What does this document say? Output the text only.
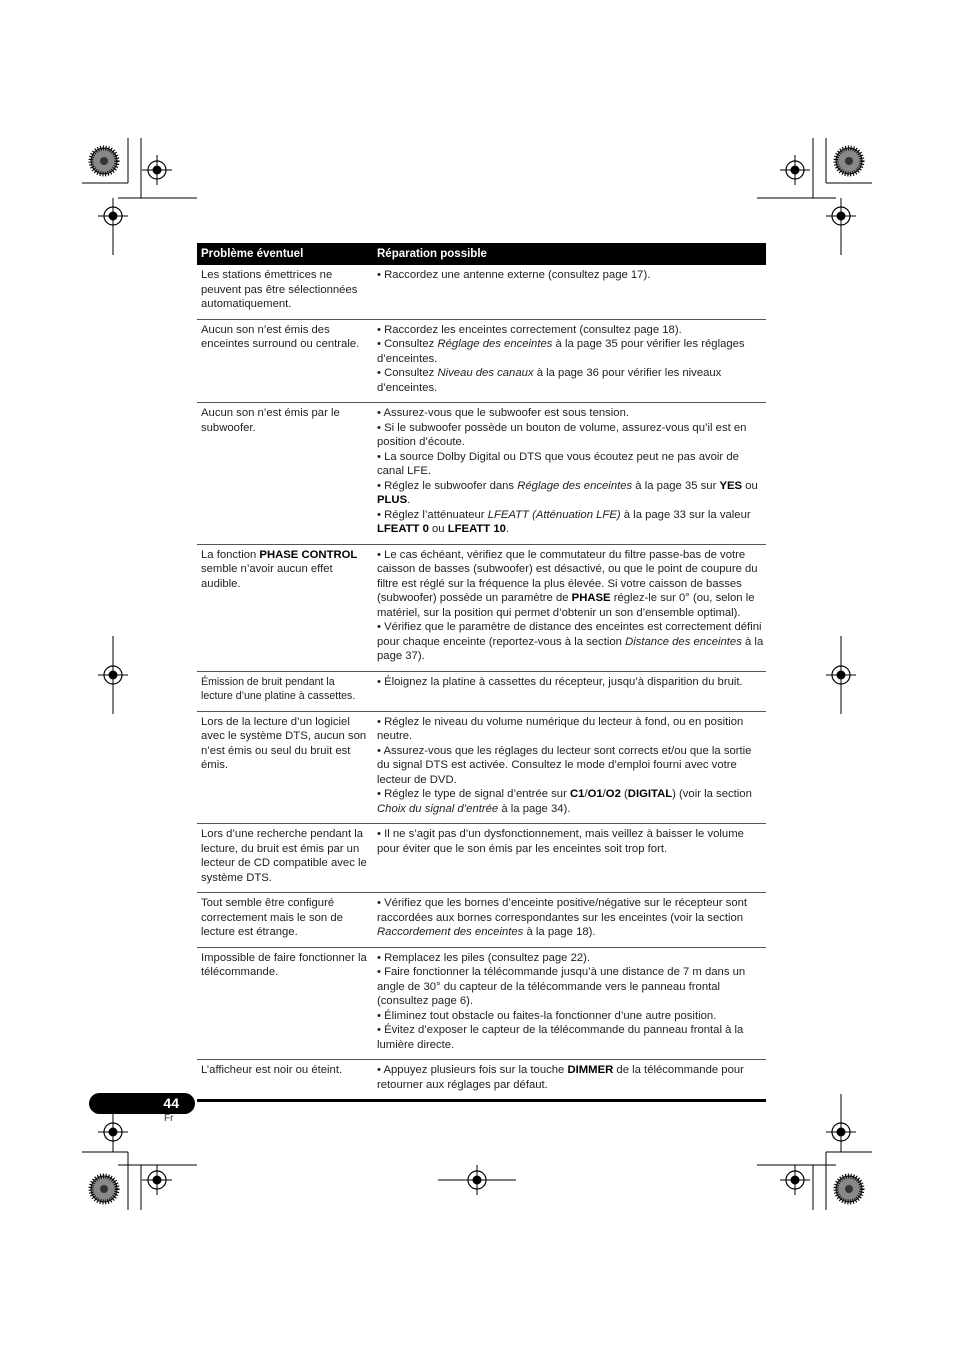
Problème éventuel	Réparation possible
Les stations émettrices ne peuvent pas être sélectionnées automatiquement.

• Raccordez une antenne externe (consultez page 17).

Aucun son n’est émis des enceintes surround ou centrale.

• Raccordez les enceintes correctement (consultez page 18).

• Consultez Réglage des enceintes à la page 35 pour vérifier les réglages d’enceintes.

• Consultez Niveau des canaux à la page 36 pour vérifier les niveaux d’enceintes.

Aucun son n’est émis par le subwoofer.

• Assurez-vous que le subwoofer est sous tension.

• Si le subwoofer possède un bouton de volume, assurez-vous qu’il est en position d’écoute.

• La source Dolby Digital ou DTS que vous écoutez peut ne pas avoir de canal LFE.

• Réglez le subwoofer dans Réglage des enceintes à la page 35 sur YES ou PLUS.

• Réglez l’atténuateur LFEATT (Atténuation LFE) à la page 33 sur la valeur LFEATT 0 ou LFEATT 10.

La fonction PHASE CONTROL semble n’avoir aucun effet audible.

• Le cas échéant, vérifiez que le commutateur du filtre passe-bas de votre caisson de basses (subwoofer) est désactivé, ou que le point de coupure du filtre est réglé sur la fréquence la plus élevée. Si votre caisson de basses (subwoofer) possède un paramètre de PHASE réglez-le sur 0° (ou, selon le matériel, sur la position qui permet d’obtenir un son d’ensemble optimal).

• Vérifiez que le paramètre de distance des enceintes est correctement défini pour chaque enceinte (reportez-vous à la section Distance des enceintes à la page 37).

Émission de bruit pendant la lecture d’une platine à cassettes.

• Éloignez la platine à cassettes du récepteur, jusqu’à disparition du bruit.

Lors de la lecture d’un logiciel avec le système DTS, aucun son n’est émis ou seul du bruit est émis.

• Réglez le niveau du volume numérique du lecteur à fond, ou en position neutre.

• Assurez-vous que les réglages du lecteur sont corrects et/ou que la sortie du signal DTS est activée. Consultez le mode d’emploi fourni avec votre lecteur de DVD.

• Réglez le type de signal d’entrée sur C1/O1/O2 (DIGITAL) (voir la section Choix du signal d’entrée à la page 34).

Lors d’une recherche pendant la lecture, du bruit est émis par un lecteur de CD compatible avec le système DTS.

• Il ne s’agit pas d’un dysfonctionnement, mais veillez à baisser le volume pour éviter que le son émis par les enceintes soit trop fort.

Tout semble être configuré correctement mais le son de lecture est étrange.

• Vérifiez que les bornes d’enceinte positive/négative sur le récepteur sont raccordées aux bornes correspondantes sur les enceintes (voir la section Raccordement des enceintes à la page 18).

Impossible de faire fonctionner la télécommande.

• Remplacez les piles (consultez page 22).

• Faire fonctionner la télécommande jusqu’à une distance de 7 m dans un angle de 30° du capteur de la télécommande vers le panneau frontal (consultez page 6).

• Éliminez tout obstacle ou faites-la fonctionner d’une autre position.

• Évitez d’exposer le capteur de la télécommande du panneau frontal à la lumière directe.

L’afficheur est noir ou éteint.	• Appuyez plusieurs fois sur la touche DIMMER de la télécommande pour retourner aux réglages par défaut.

44
Fr
